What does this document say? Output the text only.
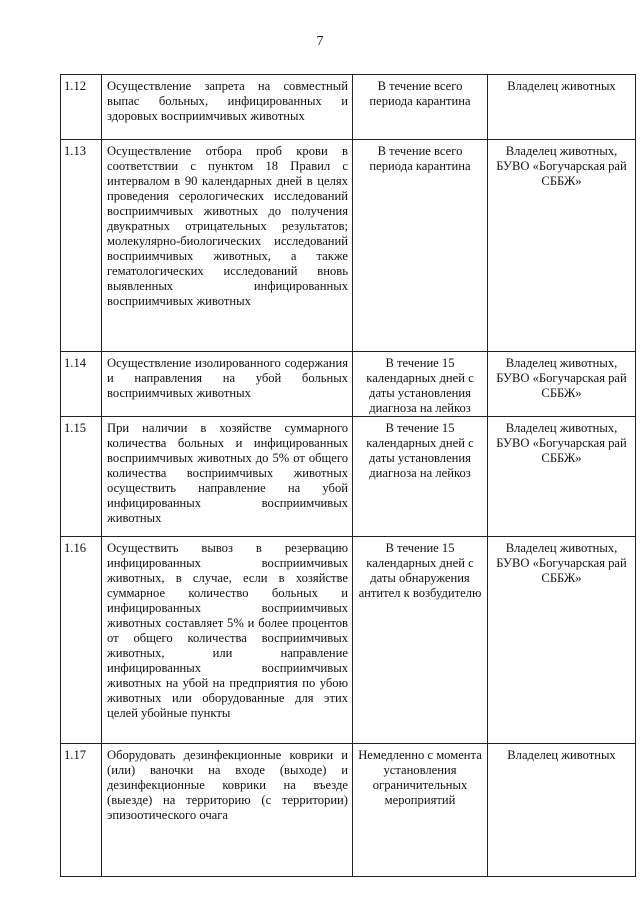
7
1.12	Осуществление запрета на совместный выпас больных, инфицированных и здоровых восприимчивых животных	В течение всего периода карантина	Владелец животных
1.13	Осуществление отбора проб крови в соответствии с пунктом 18 Правил с интервалом в 90 календарных дней в целях проведения серологических исследований восприимчивых животных до получения двукратных отрицательных результатов; молекулярно-биологических исследований восприимчивых животных, а также гематологических исследований вновь выявленных инфицированных восприимчивых животных	В течение всего периода карантина	Владелец животных, БУВО «Богучарская рай СББЖ»
1.14	Осуществление изолированного содержания и направления на убой больных восприимчивых животных	В течение 15 календарных дней с даты установления диагноза на лейкоз	Владелец животных, БУВО «Богучарская рай СББЖ»
1.15	При наличии в хозяйстве суммарного количества больных и инфицированных восприимчивых животных до 5% от общего количества восприимчивых животных осуществить направление на убой инфицированных восприимчивых животных	В течение 15 календарных дней с даты установления диагноза на лейкоз	Владелец животных, БУВО «Богучарская рай СББЖ»
1.16	Осуществить вывоз в резервацию инфицированных восприимчивых животных, в случае, если в хозяйстве суммарное количество больных и инфицированных восприимчивых животных составляет 5% и более процентов от общего количества восприимчивых животных, или направление инфицированных восприимчивых животных на убой на предприятия по убою животных или оборудованные для этих целей убойные пункты	В течение 15 календарных дней с даты обнаружения антител к возбудителю	Владелец животных, БУВО «Богучарская рай СББЖ»
1.17	Оборудовать дезинфекционные коврики и (или) ваночки на входе (выходе) и дезинфекционные коврики на въезде (выезде) на территорию (с территории) эпизоотического очага	Немедленно с момента установления ограничительных мероприятий	Владелец животных
